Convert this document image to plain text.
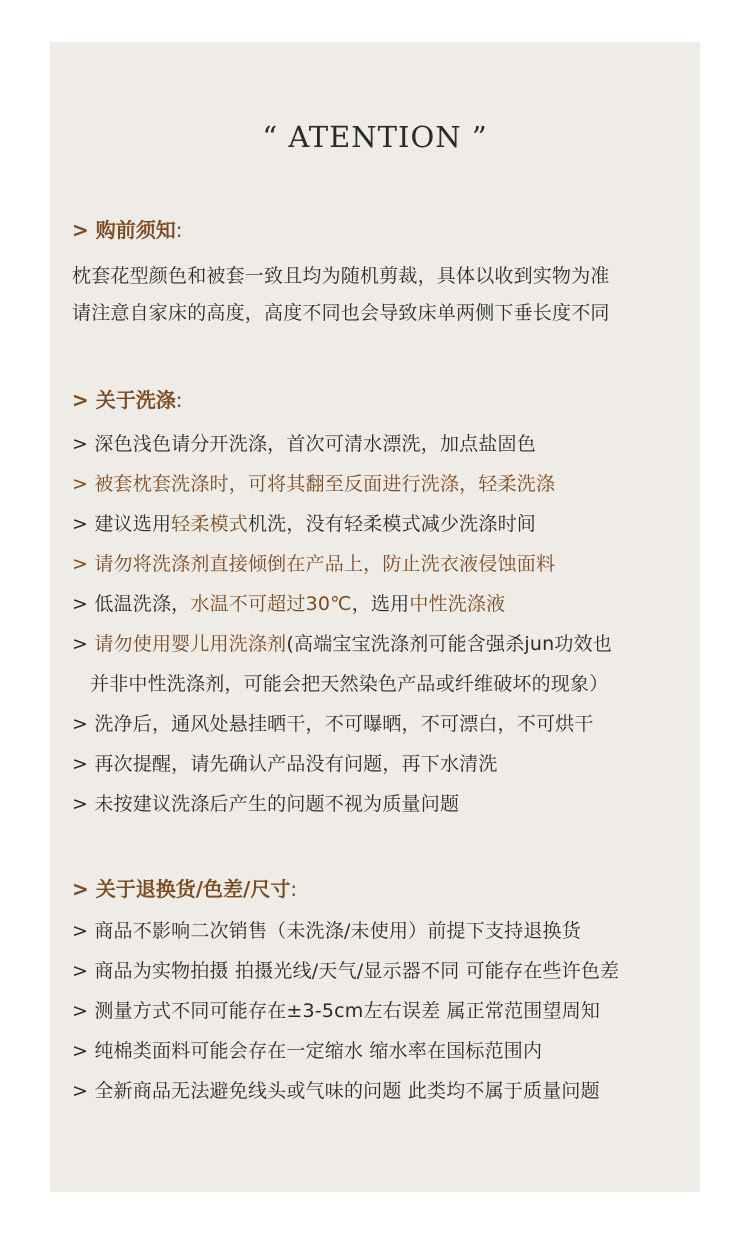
“ ATENTION ”
> 购前须知:
枕套花型颜色和被套一致且均为随机剪裁，具体以收到实物为准
请注意自家床的高度，高度不同也会导致床单两侧下垂长度不同
> 关于洗涤:
> 深色浅色请分开洗涤，首次可清水漂洗，加点盐固色
> 被套枕套洗涤时，可将其翻至反面进行洗涤，轻柔洗涤
> 建议选用轻柔模式机洗，没有轻柔模式减少洗涤时间
> 请勿将洗涤剂直接倾倒在产品上，防止洗衣液侵蚀面料
> 低温洗涤，水温不可超过30℃，选用中性洗涤液
> 请勿使用婴儿用洗涤剂(高端宝宝洗涤剂可能含强杀jun功效也
并非中性洗涤剂，可能会把天然染色产品或纤维破坏的现象）
> 洗净后，通风处悬挂晒干，不可曝晒，不可漂白，不可烘干
> 再次提醒，请先确认产品没有问题，再下水清洗
> 未按建议洗涤后产生的问题不视为质量问题
> 关于退换货/色差/尺寸:
> 商品不影响二次销售（未洗涤/未使用）前提下支持退换货
> 商品为实物拍摄 拍摄光线/天气/显示器不同 可能存在些许色差
> 测量方式不同可能存在±3-5cm左右误差 属正常范围望周知
> 纯棉类面料可能会存在一定缩水 缩水率在国标范围内
> 全新商品无法避免线头或气味的问题 此类均不属于质量问题
